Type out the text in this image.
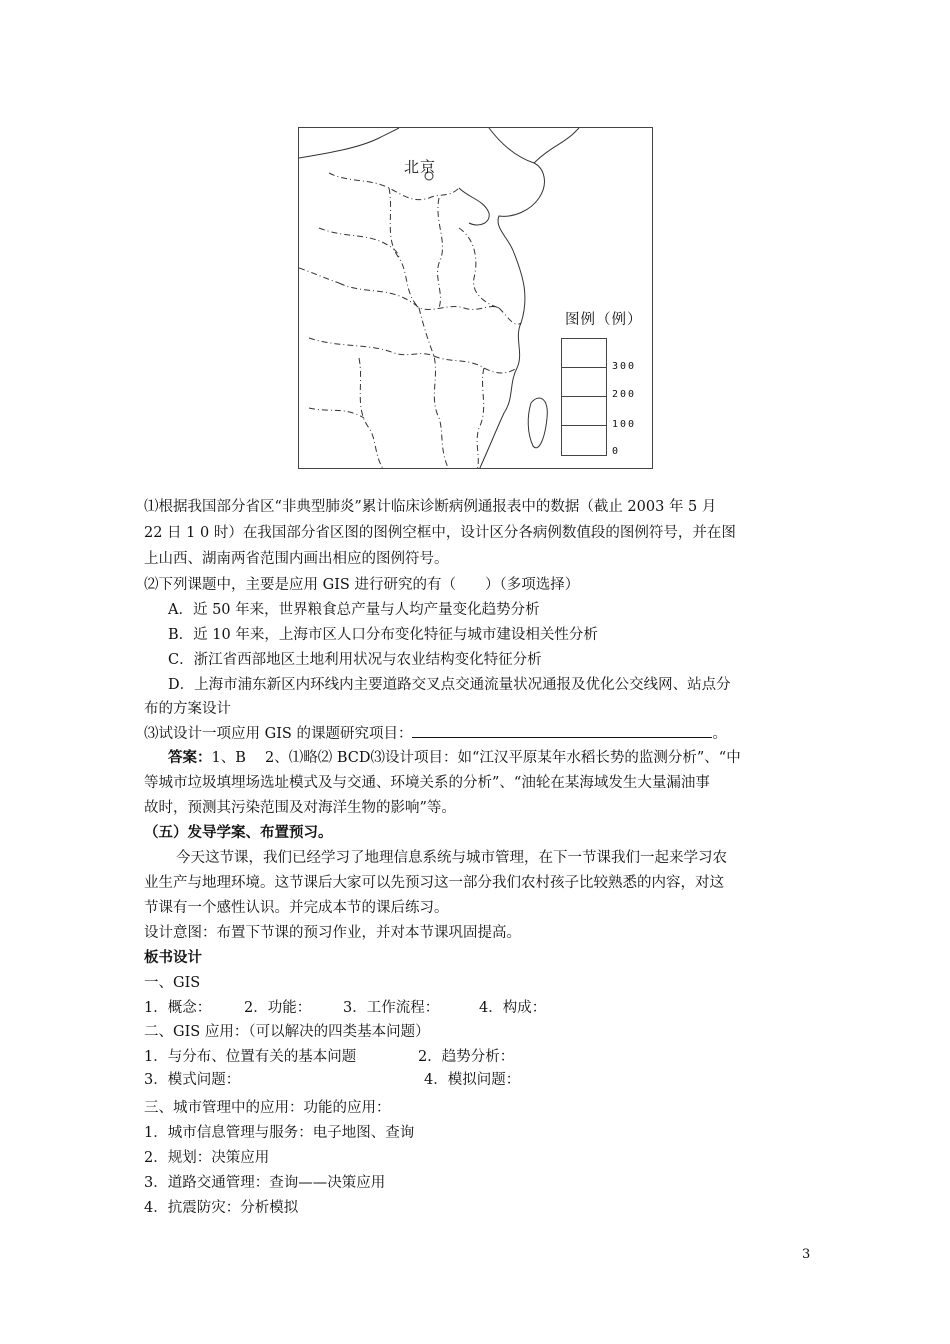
北京
图例（例）
300
200
100
0
⑴根据我国部分省区“非典型肺炎”累计临床诊断病例通报表中的数据（截止 2003 年 5 月
22 日 1 0 时）在我国部分省区图的图例空框中，设计区分各病例数值段的图例符号，并在图
上山西、湖南两省范围内画出相应的图例符号。
⑵下列课题中，主要是应用 GIS 进行研究的有（　　）（多项选择）
A．近 50 年来，世界粮食总产量与人均产量变化趋势分析
B．近 10 年来，上海市区人口分布变化特征与城市建设相关性分析
C．浙江省西部地区土地利用状况与农业结构变化特征分析
D．上海市浦东新区内环线内主要道路交叉点交通流量状况通报及优化公交线网、站点分
布的方案设计
⑶试设计一项应用 GIS 的课题研究项目：	。
答案：1、B　 2、⑴略⑵ BCD⑶设计项目：如“江汉平原某年水稻长势的监测分析”、“中
等城市垃圾填埋场选址模式及与交通、环境关系的分析”、“油轮在某海域发生大量漏油事
故时，预测其污染范围及对海洋生物的影响”等。
（五）发导学案、布置预习。
今天这节课，我们已经学习了地理信息系统与城市管理，在下一节课我们一起来学习农
业生产与地理环境。这节课后大家可以先预习这一部分我们农村孩子比较熟悉的内容，对这
节课有一个感性认识。并完成本节的课后练习。
设计意图：布置下节课的预习作业，并对本节课巩固提高。
板书设计
一、GIS
1．概念： 2．功能： 3．工作流程：	4．构成：
二、GIS 应用：（可以解决的四类基本问题）
1．与分布、位置有关的基本问题	2．趋势分析：
3．模式问题：	4．模拟问题：
三、城市管理中的应用：功能的应用：
1．城市信息管理与服务：电子地图、查询
2．规划：决策应用
3．道路交通管理：查询——决策应用
4．抗震防灾：分析模拟
3
